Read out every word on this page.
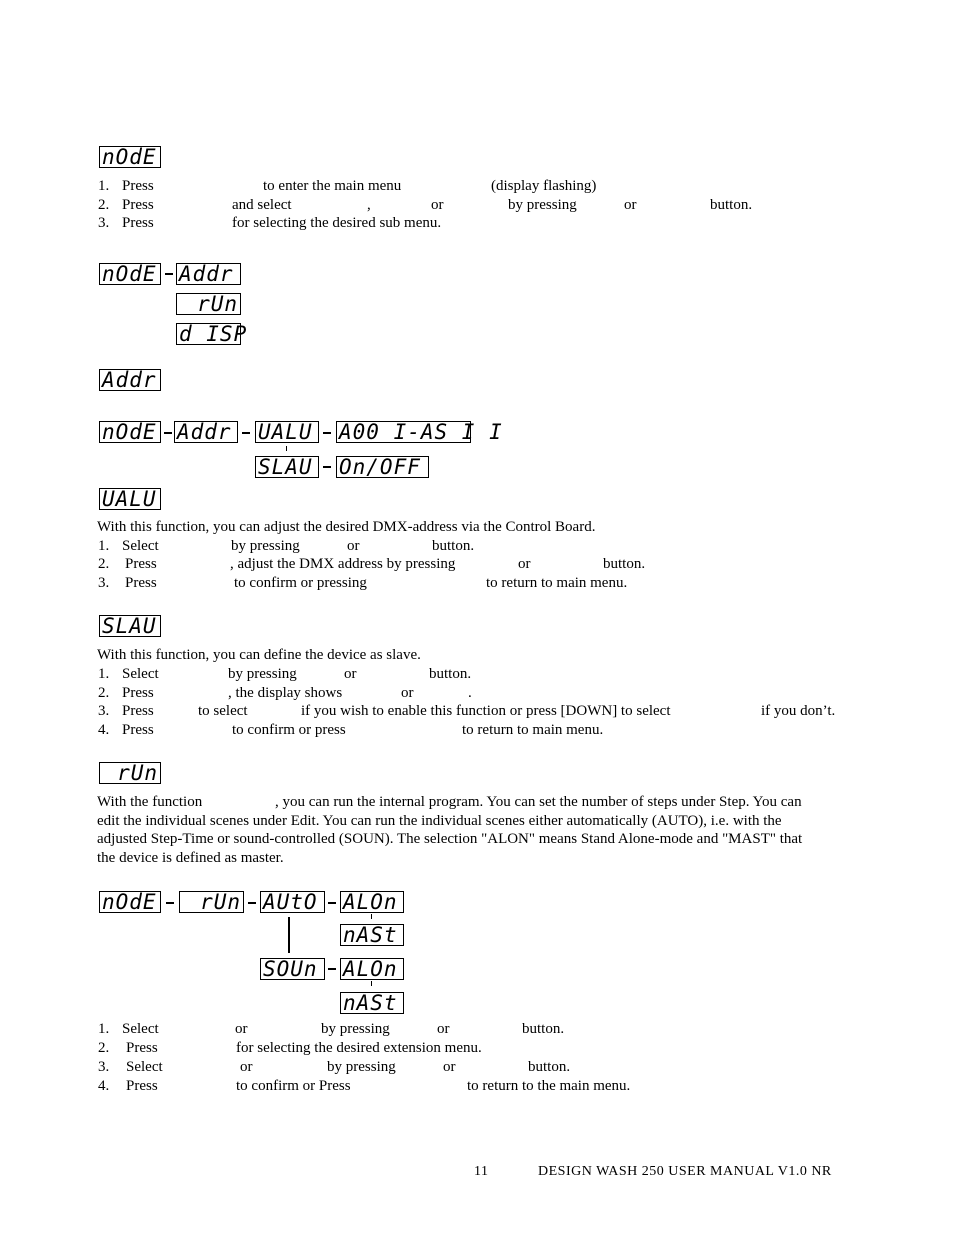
nOdE
1. Press	to enter the main menu	(display flashing)
2. Press	and select	,	or	by pressing	or	button.
3. Press	for selecting the desired sub menu.
nOdE Addr
rUn
d ISP
Addr
nOdE Addr	UALU	A00 I-AS I I
SLAU	On/OFF
UALU
With this function, you can adjust the desired DMX-address via the Control Board.
1. Select	by pressing	or	button.
2. Press	, adjust the DMX address by pressing	or	button.
3. Press	to confirm or pressing	to return to main menu.
SLAU
With this function, you can define the device as slave.
1. Select	by pressing	or	button.
2. Press	, the display shows	or	.
3. Press	to select	if you wish to enable this function or press [DOWN] to select	if you don’t.
4. Press	to confirm or press	to return to main menu.
rUn
With the function	, you can run the internal program. You can set the number of steps under Step. You can
edit the individual scenes under Edit. You can run the individual scenes either automatically (AUTO), i.e. with the
adjusted Step-Time or sound-controlled (SOUN). The selection "ALON" means Stand Alone-mode and "MAST" that
the device is defined as master.
nOdE	rUn AUtO	ALOn
nASt
SOUn	ALOn
nASt
1. Select	or	by pressing	or	button.
2. Press	for selecting the desired extension menu.
3. Select	or	by pressing	or	button.
4. Press	to confirm or Press	to return to the main menu.
11	DESIGN WASH 250 USER MANUAL V1.0 NR
